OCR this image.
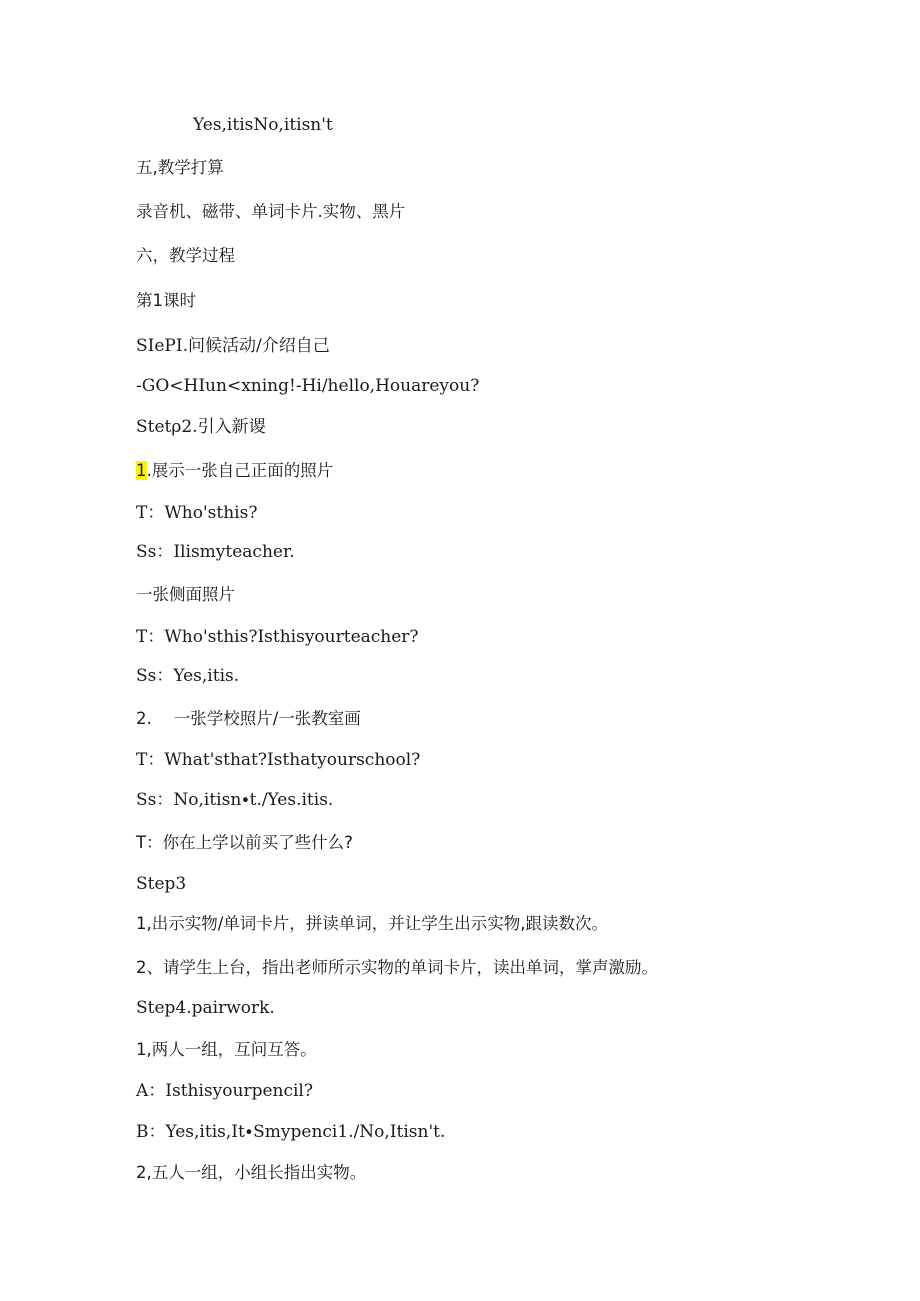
Yes,itisNo,itisn't
五,教学打算
录音机、磁带、单词卡片.实物、黑片
六，教学过程
第1课时
SIePI.问候活动/介绍自己
-GO<HIun<xning!-Hi/hello,Houareyou?
Stetρ2.引入新谡
1.展示一张自己正面的照片
T：Who'sthis?
Ss：Ilismyteacher.
一张侧面照片
T：Who'sthis?Isthisyourteacher?
Ss：Yes,itis.
2. 一张学校照片/一张教室画
T：What'sthat?Isthatyourschool?
Ss：No,itisn∙t./Yes.itis.
T：你在上学以前买了些什么?
Step3
1,出示实物/单词卡片，拼读单词，并让学生出示实物,跟读数次。
2、请学生上台，指出老师所示实物的单词卡片，读出单词，掌声激励。
Step4.pairwork.
1,两人一组，互问互答。
A：Isthisyourpencil?
B：Yes,itis,It∙Smypenci1./No,Itisn't.
2,五人一组，小组长指出实物。
